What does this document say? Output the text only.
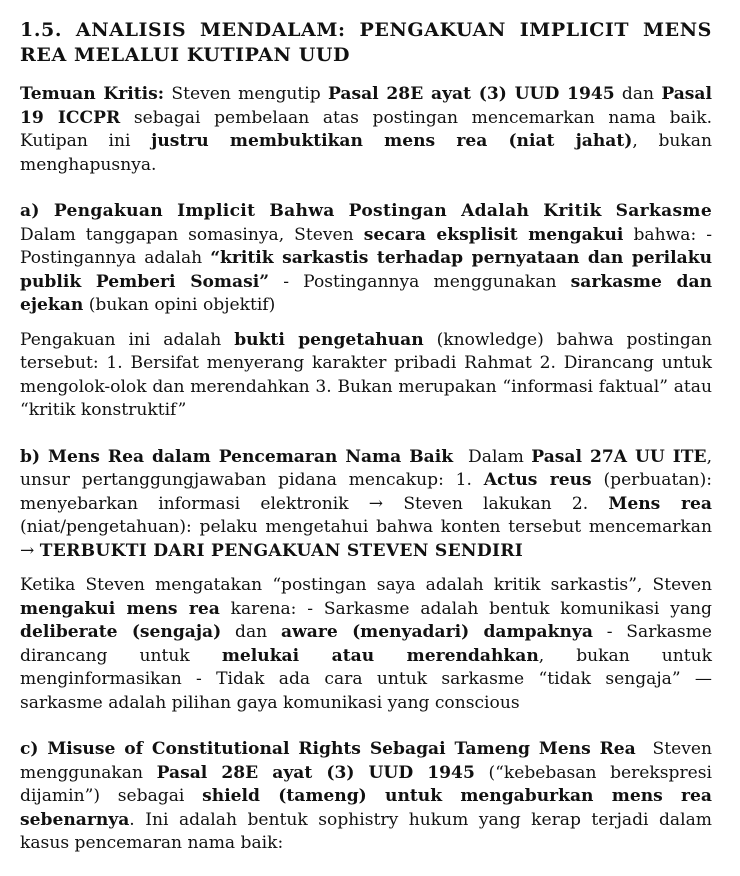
1.5. ANALISIS MENDALAM: PENGAKUAN IMPLICIT MENS REA MELALUI KUTIPAN UUD

Temuan Kritis: Steven mengutip Pasal 28E ayat (3) UUD 1945 dan Pasal 19 ICCPR sebagai pembelaan atas postingan mencemarkan nama baik. Kutipan ini justru membuktikan mens rea (niat jahat), bukan menghapusnya.

a) Pengakuan Implicit Bahwa Postingan Adalah Kritik Sarkasme Dalam tanggapan somasinya, Steven secara eksplisit mengakui bahwa: - Postingannya adalah “kritik sarkastis terhadap pernyataan dan perilaku publik Pemberi Somasi” - Postingannya menggunakan sarkasme dan ejekan (bukan opini objektif)

Pengakuan ini adalah bukti pengetahuan (knowledge) bahwa postingan tersebut: 1. Bersifat menyerang karakter pribadi Rahmat 2. Dirancang untuk mengolok-olok dan merendahkan 3. Bukan merupakan “informasi faktual” atau “kritik konstruktif”

b) Mens Rea dalam Pencemaran Nama Baik Dalam Pasal 27A UU ITE, unsur pertanggungjawaban pidana mencakup: 1. Actus reus (perbuatan): menyebarkan informasi elektronik → Steven lakukan 2. Mens rea (niat/pengetahuan): pelaku mengetahui bahwa konten tersebut mencemarkan → TERBUKTI DARI PENGAKUAN STEVEN SENDIRI

Ketika Steven mengatakan “postingan saya adalah kritik sarkastis”, Steven mengakui mens rea karena: - Sarkasme adalah bentuk komunikasi yang deliberate (sengaja) dan aware (menyadari) dampaknya - Sarkasme dirancang untuk melukai atau merendahkan, bukan untuk menginformasikan - Tidak ada cara untuk sarkasme “tidak sengaja” — sarkasme adalah pilihan gaya komunikasi yang conscious

c) Misuse of Constitutional Rights Sebagai Tameng Mens Rea Steven menggunakan Pasal 28E ayat (3) UUD 1945 (“kebebasan berekspresi dijamin”) sebagai shield (tameng) untuk mengaburkan mens rea sebenarnya. Ini adalah bentuk sophistry hukum yang kerap terjadi dalam kasus pencemaran nama baik:
